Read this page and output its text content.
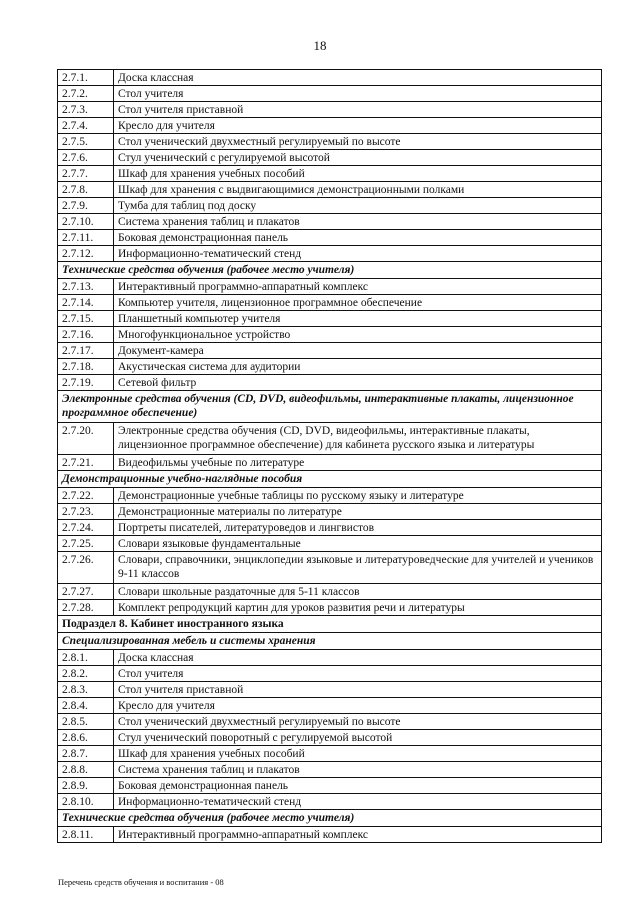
18
2.7.1.	Доска классная
2.7.2.	Стол учителя
2.7.3.	Стол учителя приставной
2.7.4.	Кресло для учителя
2.7.5.	Стол ученический двухместный регулируемый по высоте
2.7.6.	Стул ученический с регулируемой высотой
2.7.7.	Шкаф для хранения учебных пособий
2.7.8.	Шкаф для хранения с выдвигающимися демонстрационными полками
2.7.9.	Тумба для таблиц под доску
2.7.10.	Система хранения таблиц и плакатов
2.7.11.	Боковая демонстрационная панель
2.7.12.	Информационно-тематический стенд
Технические средства обучения (рабочее место учителя)	
2.7.13.	Интерактивный программно-аппаратный комплекс
2.7.14.	Компьютер учителя, лицензионное программное обеспечение
2.7.15.	Планшетный компьютер учителя
2.7.16.	Многофункциональное устройство
2.7.17.	Документ-камера
2.7.18.	Акустическая система для аудитории
2.7.19.	Сетевой фильтр
Электронные средства обучения (CD, DVD, видеофильмы, интерактивные плакаты, лицензионное программное обеспечение)	
2.7.20.	Электронные средства обучения (CD, DVD, видеофильмы, интерактивные плакаты, лицензионное программное обеспечение) для кабинета русского языка и литературы
2.7.21.	Видеофильмы учебные по литературе
Демонстрационные учебно-наглядные пособия	
2.7.22.	Демонстрационные учебные таблицы по русскому языку и литературе
2.7.23.	Демонстрационные материалы по литературе
2.7.24.	Портреты писателей, литературоведов и лингвистов
2.7.25.	Словари языковые фундаментальные
2.7.26.	Словари, справочники, энциклопедии языковые и литературоведческие для учителей и учеников 9-11 классов
2.7.27.	Словари школьные раздаточные для 5-11 классов
2.7.28.	Комплект репродукций картин для уроков развития речи и литературы
Подраздел 8. Кабинет иностранного языка	
Специализированная мебель и системы хранения	
2.8.1.	Доска классная
2.8.2.	Стол учителя
2.8.3.	Стол учителя приставной
2.8.4.	Кресло для учителя
2.8.5.	Стол ученический двухместный регулируемый по высоте
2.8.6.	Стул ученический поворотный с регулируемой высотой
2.8.7.	Шкаф для хранения учебных пособий
2.8.8.	Система хранения таблиц и плакатов
2.8.9.	Боковая демонстрационная панель
2.8.10.	Информационно-тематический стенд
Технические средства обучения (рабочее место учителя)	
2.8.11.	Интерактивный программно-аппаратный комплекс
Перечень средств обучения и воспитания - 08
